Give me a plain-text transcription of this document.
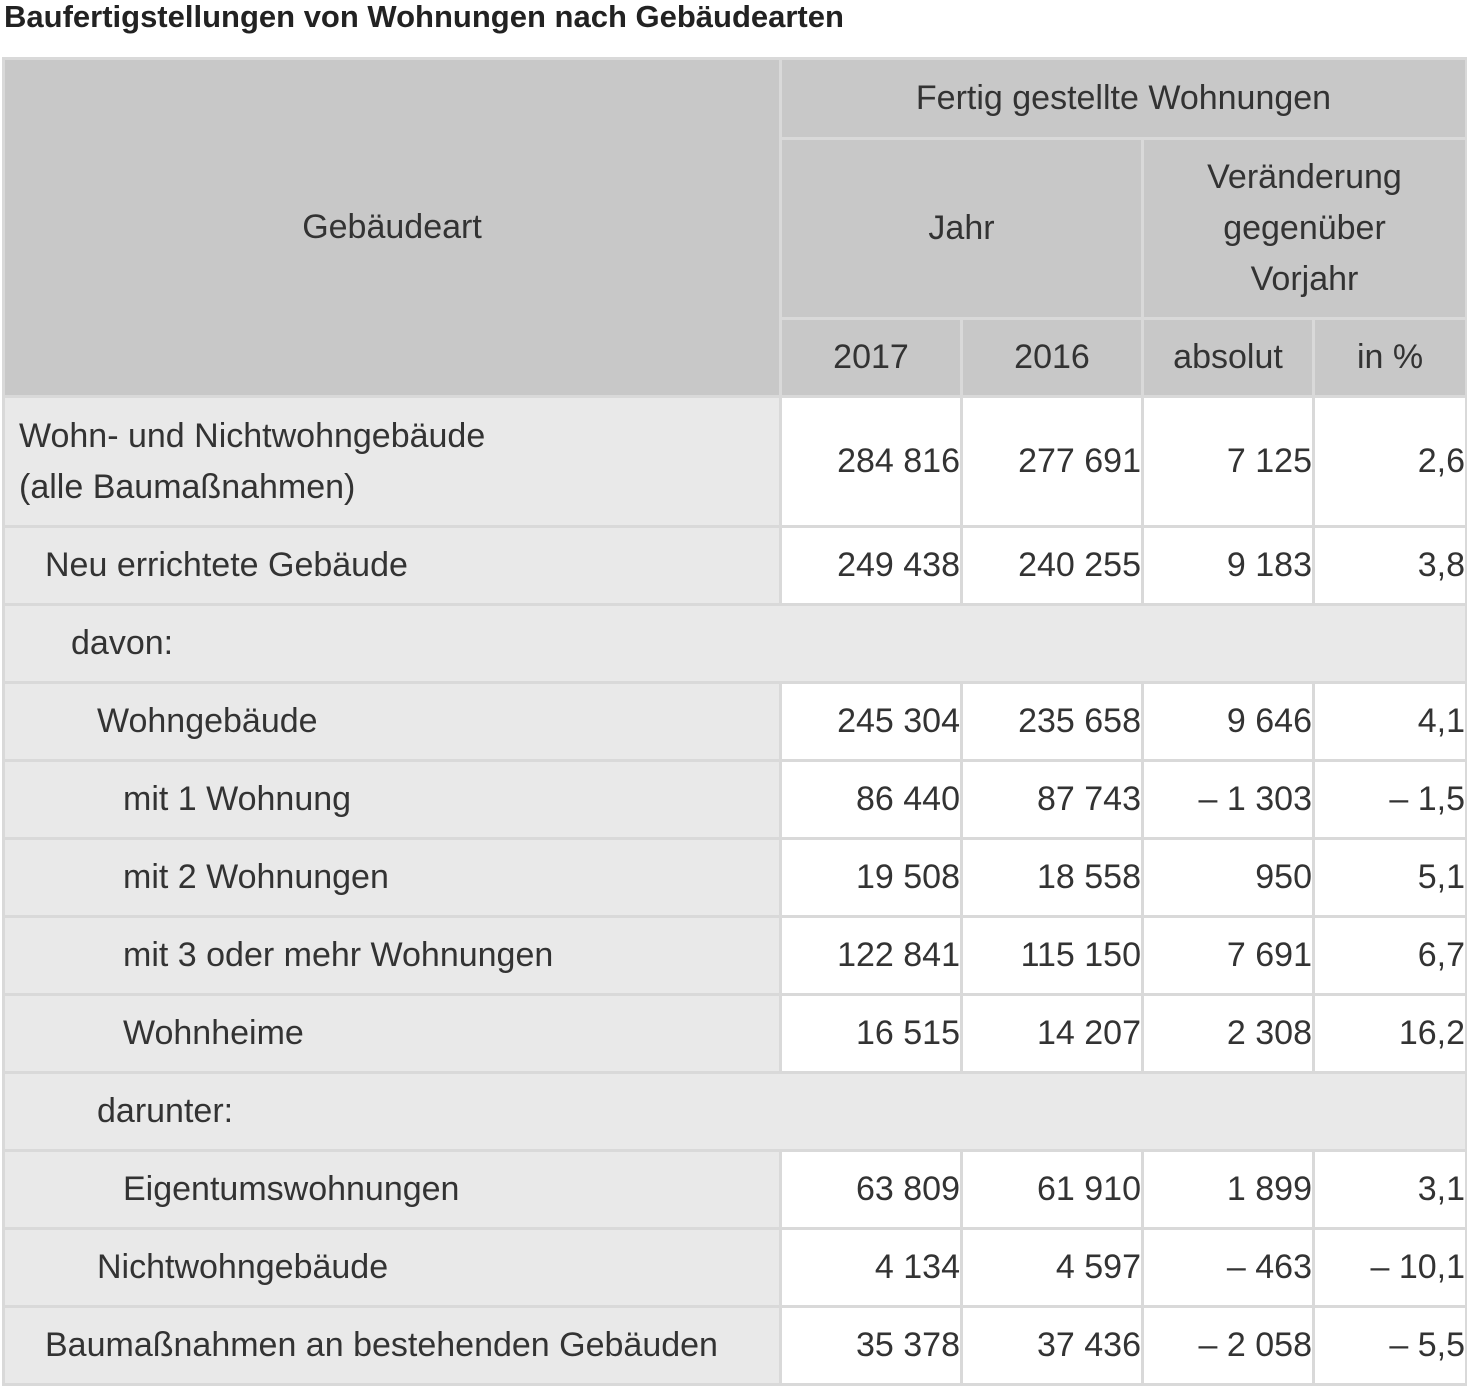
Baufertigstellungen von Wohnungen nach Gebäudearten
Gebäudeart	Fertig gestellte Wohnungen			
	Jahr		Veränderung gegenüber Vorjahr	

	2017	2016	absolut	in %

Wohn- und Nichtwohngebäude (alle Baumaßnahmen)	284 816	277 691	7 125	2,6
Neu errichtete Gebäude	249 438	240 255	9 183	3,8
davon:				
Wohngebäude	245 304	235 658	9 646	4,1
mit 1 Wohnung	86 440	87 743	– 1 303	– 1,5
mit 2 Wohnungen	19 508	18 558	950	5,1
mit 3 oder mehr Wohnungen	122 841	115 150	7 691	6,7
Wohnheime	16 515	14 207	2 308	16,2
darunter:				
Eigentumswohnungen	63 809	61 910	1 899	3,1
Nichtwohngebäude	4 134	4 597	– 463	– 10,1
Baumaßnahmen an bestehenden Gebäuden	35 378	37 436	– 2 058	– 5,5
